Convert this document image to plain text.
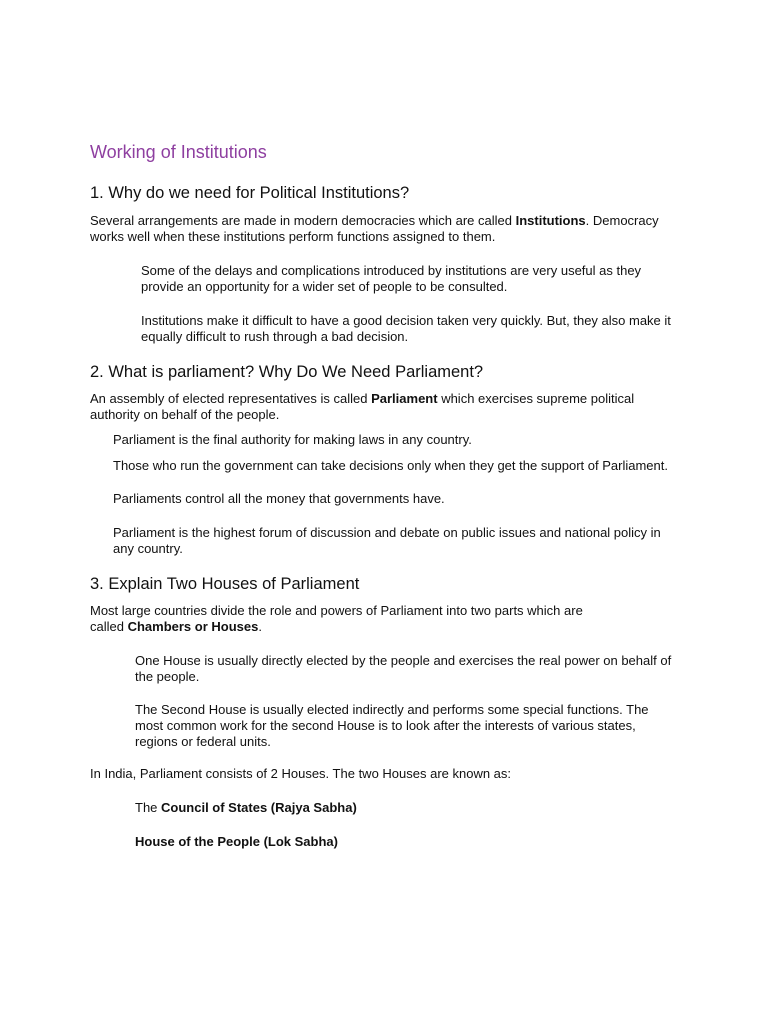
Working of Institutions
1. Why do we need for Political Institutions?

Several arrangements are made in modern democracies which are called Institutions. Democracy works well when these institutions perform functions assigned to them.

Some of the delays and complications introduced by institutions are very useful as they provide an opportunity for a wider set of people to be consulted.

Institutions make it difficult to have a good decision taken very quickly. But, they also make it equally difficult to rush through a bad decision.

2. What is parliament? Why Do We Need Parliament?

An assembly of elected representatives is called Parliament which exercises supreme political authority on behalf of the people.

Parliament is the final authority for making laws in any country.

Those who run the government can take decisions only when they get the support of Parliament.

Parliaments control all the money that governments have.

Parliament is the highest forum of discussion and debate on public issues and national policy in any country.

3. Explain Two Houses of Parliament

Most large countries divide the role and powers of Parliament into two parts which are called Chambers or Houses.

One House is usually directly elected by the people and exercises the real power on behalf of the people.

The Second House is usually elected indirectly and performs some special functions. The most common work for the second House is to look after the interests of various states, regions or federal units.

In India, Parliament consists of 2 Houses. The two Houses are known as:

The Council of States (Rajya Sabha)

House of the People (Lok Sabha)
